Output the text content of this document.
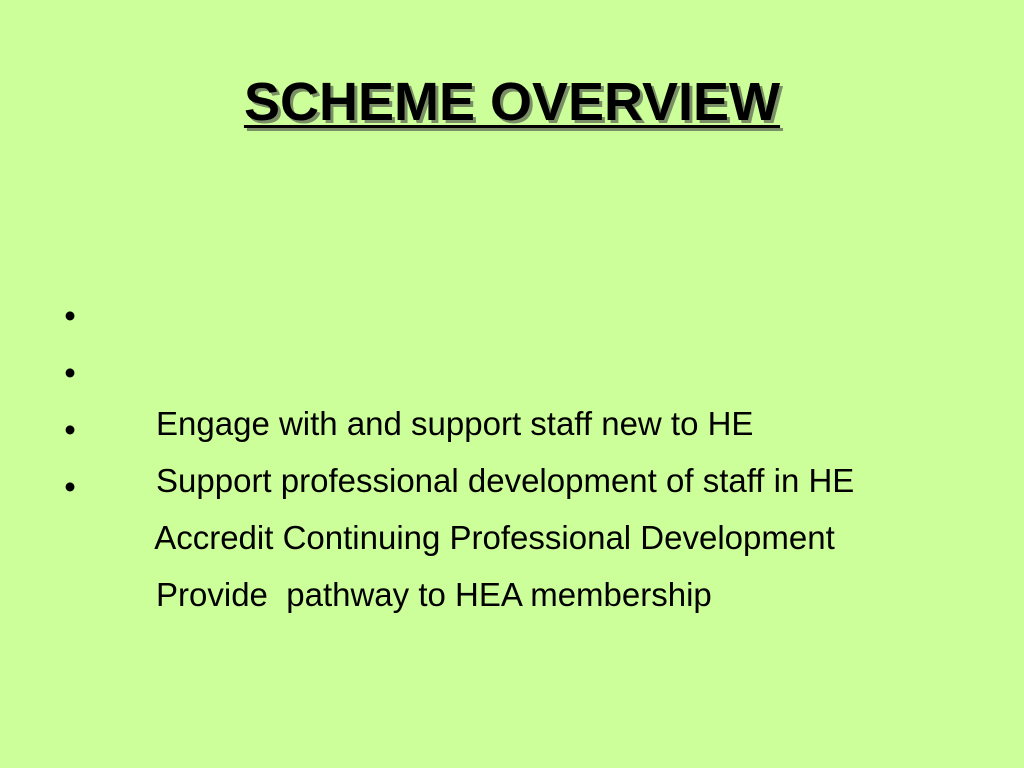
SCHEME OVERVIEW

•

Engage with and support staff new to HE

•

Support professional development of staff in HE

•

Accredit Continuing Professional Development

•

Provide  pathway to HEA membership
